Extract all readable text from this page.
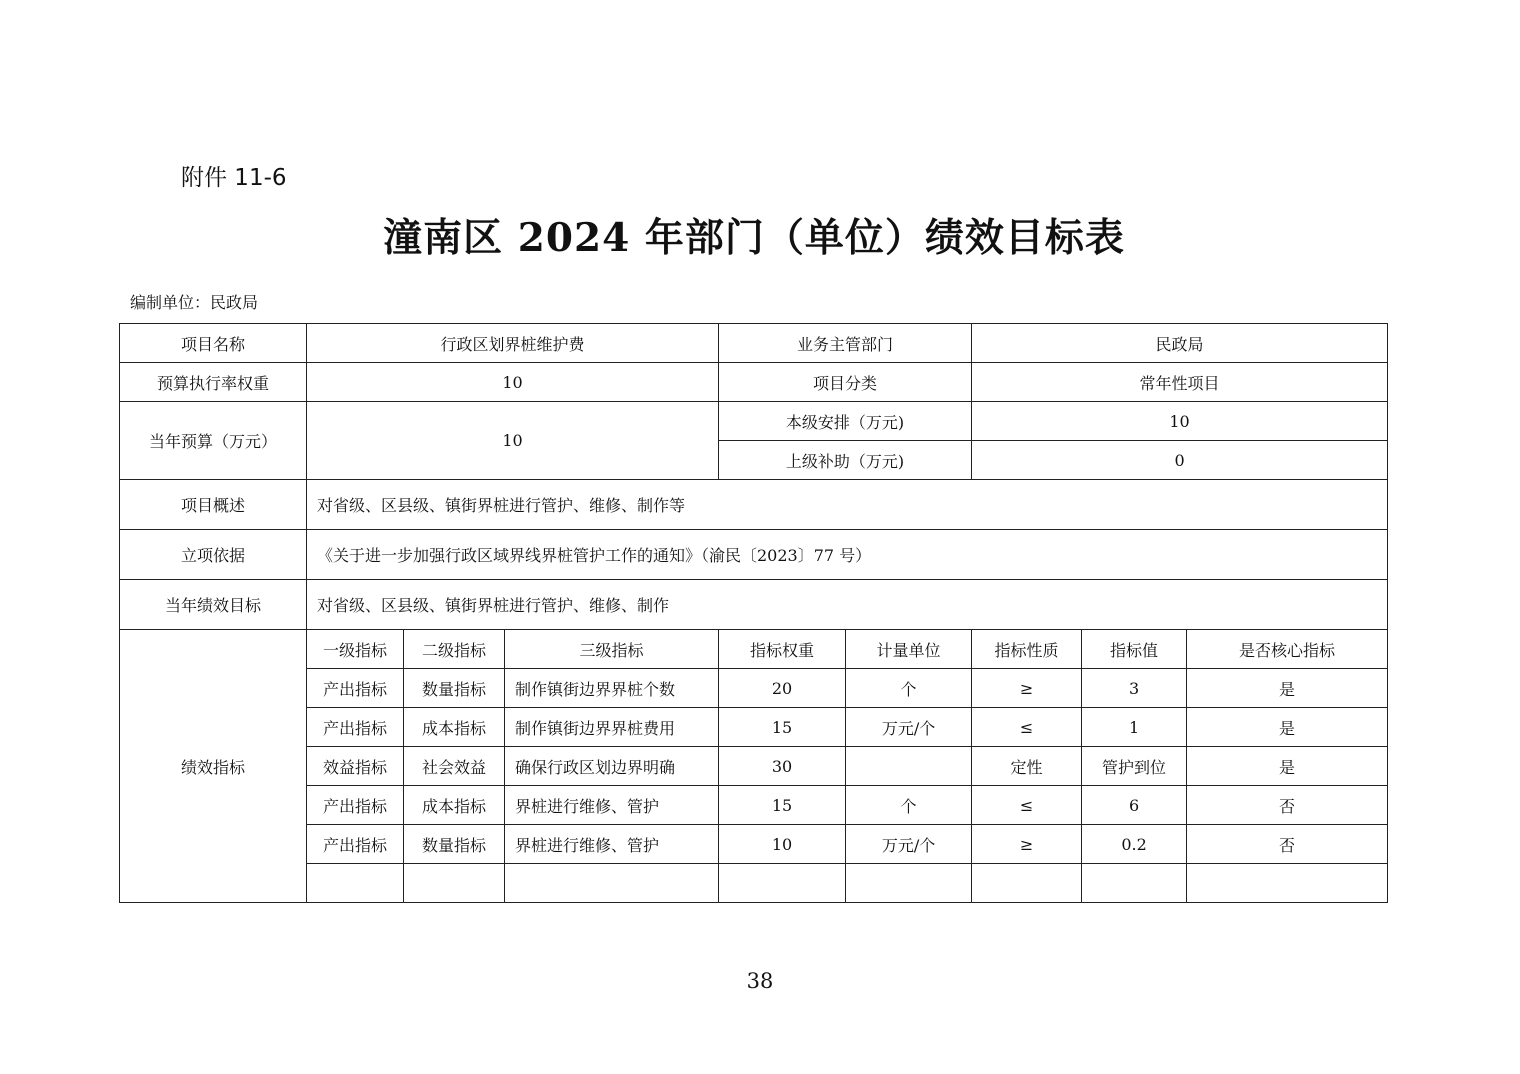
附件 11-6
潼南区 2024 年部门（单位）绩效目标表
编制单位：民政局
项目名称	行政区划界桩维护费			业务主管部门		民政局		
预算执行率权重	10			项目分类		常年性项目		
当年预算（万元）	10			本级安排（万元)		10		
				上级补助（万元)		0		
项目概述	对省级、区县级、镇街界桩进行管护、维修、制作等							
立项依据	《关于进一步加强行政区域界线界桩管护工作的通知》（渝民〔2023〕77 号）							
当年绩效目标	对省级、区县级、镇街界桩进行管护、维修、制作							
绩效指标	一级指标	二级指标	三级指标	指标权重	计量单位	指标性质	指标值	是否核心指标
	产出指标	数量指标	制作镇街边界界桩个数	20	个	≥	3	是
	产出指标	成本指标	制作镇街边界界桩费用	15	万元/个	≤	1	是
	效益指标	社会效益	确保行政区划边界明确	30		定性	管护到位	是
	产出指标	成本指标	界桩进行维修、管护	15	个	≤	6	否
	产出指标	数量指标	界桩进行维修、管护	10	万元/个	≥	0.2	否

38
